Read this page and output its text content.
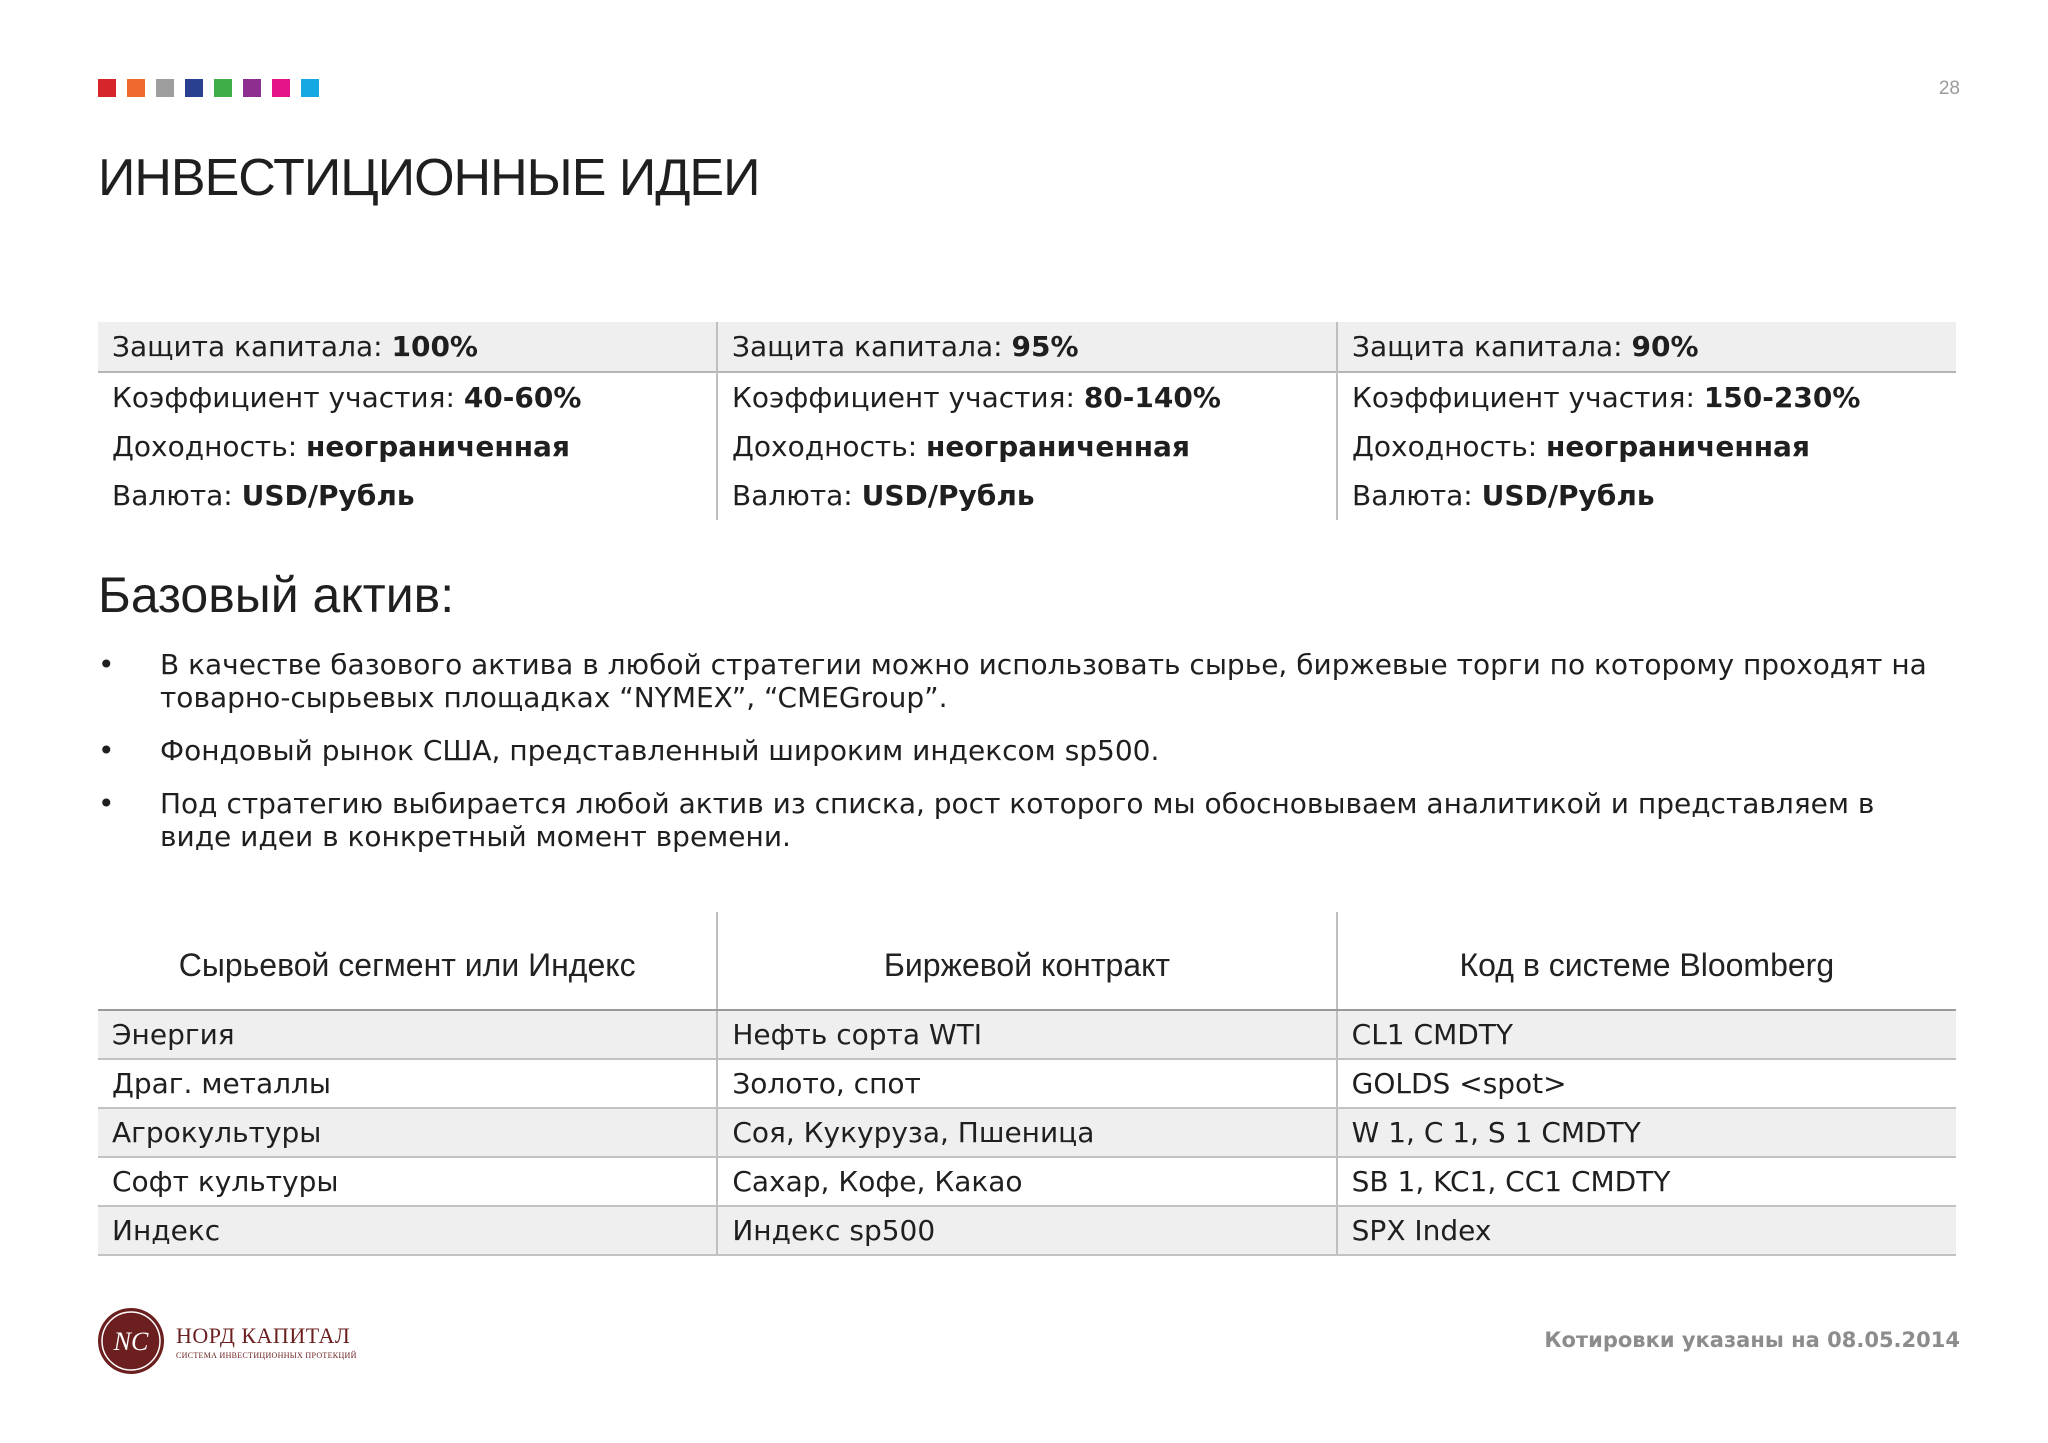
28
ИНВЕСТИЦИОННЫЕ ИДЕИ
Защита капитала: 100%
Коэффициент участия: 40-60%
Доходность: неограниченная
Валюта: USD/Рубль
Защита капитала: 95%
Коэффициент участия: 80-140%
Доходность: неограниченная
Валюта: USD/Рубль
Защита капитала: 90%
Коэффициент участия: 150-230%
Доходность: неограниченная
Валюта: USD/Рубль
Базовый актив:
• В качестве базового актива в любой стратегии можно использовать сырье, биржевые торги по которому проходят на товарно-сырьевых площадках “NYMEX”, “CMEGroup”.
• Фондовый рынок США, представленный широким индексом sp500.
• Под стратегию выбирается любой актив из списка, рост которого мы обосновываем аналитикой и представляем в виде идеи в конкретный момент времени.
Сырьевой сегмент или Индекс	Биржевой контракт	Код в системе Bloomberg
Энергия	Нефть сорта WTI	CL1 CMDTY
Драг. металлы	Золото, спот	GOLDS <spot>
Агрокультуры	Соя, Кукуруза, Пшеница	W 1, C 1, S 1 CMDTY
Софт культуры	Сахар, Кофе, Какао	SB 1, KC1, CC1 CMDTY
Индекс	Индекс sp500	SPX Index
NC НОРД КАПИТАЛ
СИСТЕМА ИНВЕСТИЦИОННЫХ ПРОТЕКЦИЙ
Котировки указаны на 08.05.2014
